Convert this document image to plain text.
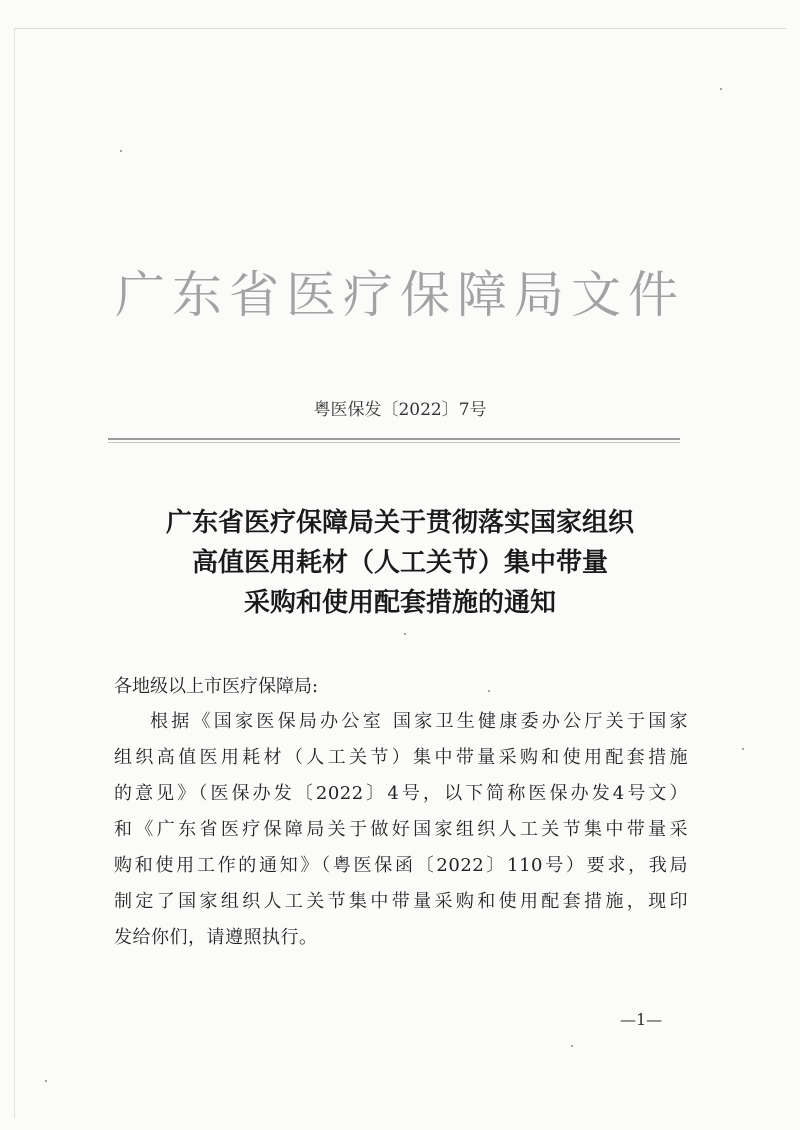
广东省医疗保障局文件
粤医保发〔2022〕7号
广东省医疗保障局关于贯彻落实国家组织
高值医用耗材（人工关节）集中带量
采购和使用配套措施的通知
各地级以上市医疗保障局:
根据《国家医保局办公室 国家卫生健康委办公厅关于国家
组织高值医用耗材（人工关节）集中带量采购和使用配套措施
的意见》（医保办发〔2022〕4号，以下简称医保办发4号文）
和《广东省医疗保障局关于做好国家组织人工关节集中带量采
购和使用工作的通知》（粤医保函〔2022〕110号）要求，我局
制定了国家组织人工关节集中带量采购和使用配套措施，现印
发给你们，请遵照执行。
—1—
